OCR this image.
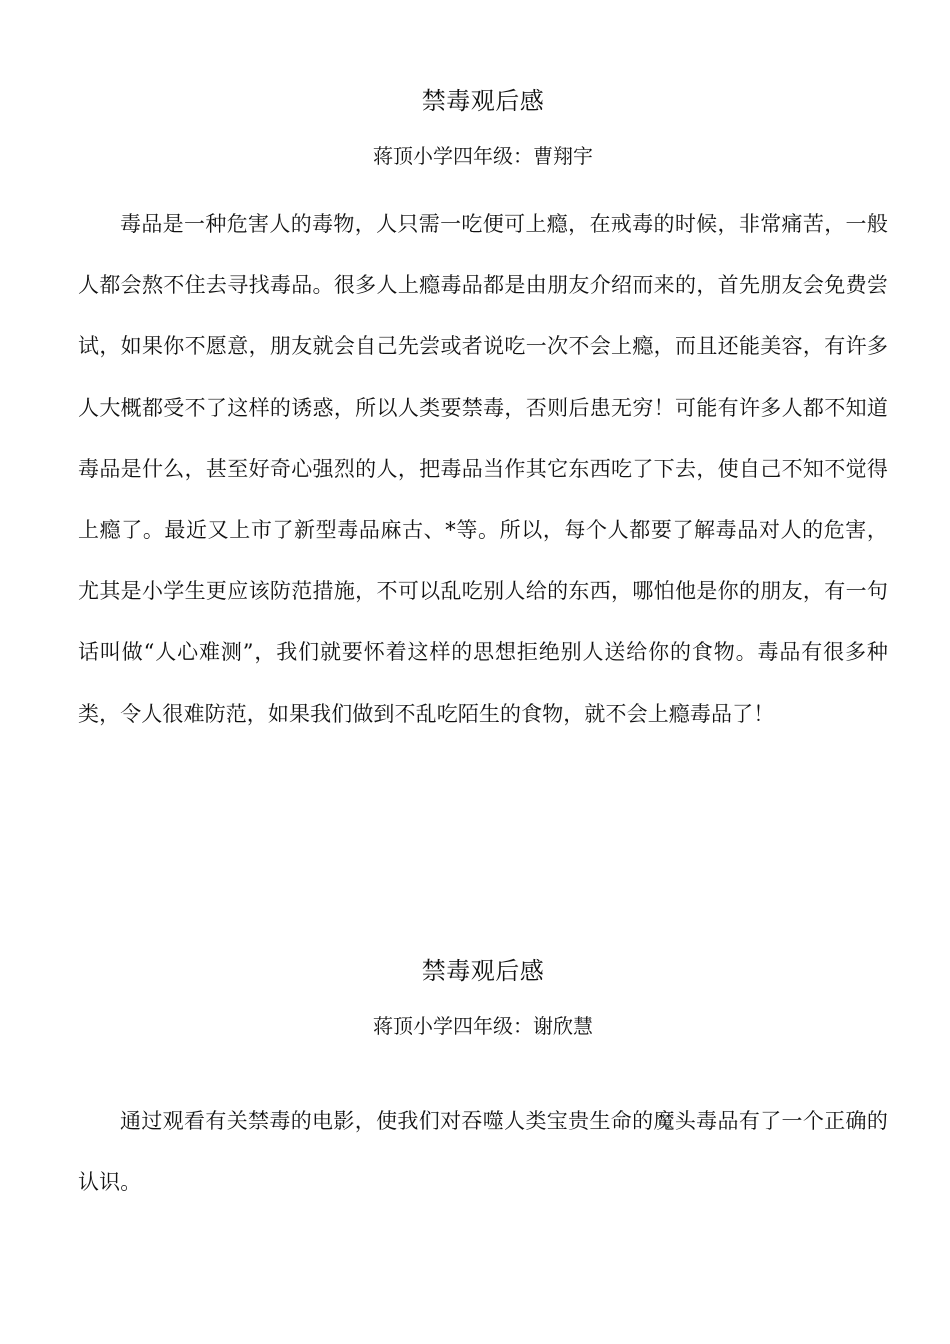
禁毒观后感

蒋顶小学四年级：曹翔宇

毒品是一种危害人的毒物，人只需一吃便可上瘾，在戒毒的时候，非常痛苦，一般人都会熬不住去寻找毒品。很多人上瘾毒品都是由朋友介绍而来的，首先朋友会免费尝试，如果你不愿意，朋友就会自己先尝或者说吃一次不会上瘾，而且还能美容，有许多人大概都受不了这样的诱惑，所以人类要禁毒，否则后患无穷！可能有许多人都不知道毒品是什么，甚至好奇心强烈的人，把毒品当作其它东西吃了下去，使自己不知不觉得上瘾了。最近又上市了新型毒品麻古、*等。所以，每个人都要了解毒品对人的危害，尤其是小学生更应该防范措施，不可以乱吃别人给的东西，哪怕他是你的朋友，有一句话叫做“人心难测”，我们就要怀着这样的思想拒绝别人送给你的食物。毒品有很多种类，令人很难防范，如果我们做到不乱吃陌生的食物，就不会上瘾毒品了！

禁毒观后感

蒋顶小学四年级：谢欣慧

通过观看有关禁毒的电影，使我们对吞噬人类宝贵生命的魔头毒品有了一个正确的认识。
